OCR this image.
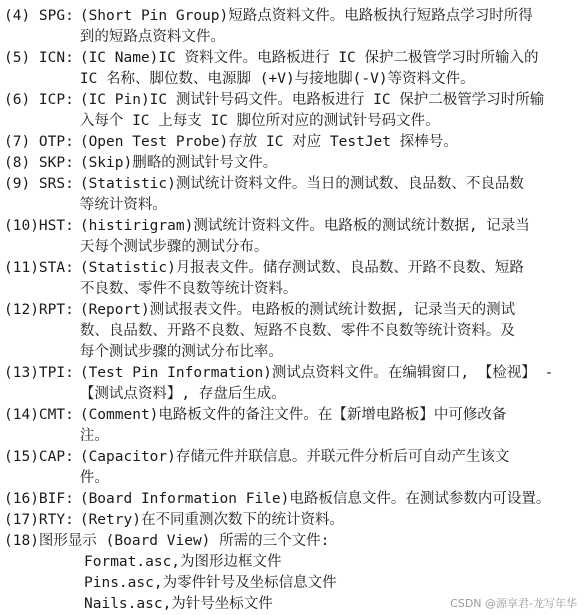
(4) SPG: (Short Pin Group)短路点资料文件。电路板执行短路点学习时所得
到的短路点资料文件。
(5) ICN: (IC Name)IC 资料文件。电路板进行 IC 保护二极管学习时所输入的
IC 名称、脚位数、电源脚 (+V)与接地脚(-V)等资料文件。
(6) ICP: (IC Pin)IC 测试针号码文件。电路板进行 IC 保护二极管学习时所输
入每个 IC 上每支 IC 脚位所对应的测试针号码文件。
(7) OTP: (Open Test Probe)存放 IC 对应 TestJet 探棒号。
(8) SKP: (Skip)删略的测试针号文件。
(9) SRS: (Statistic)测试统计资料文件。当日的测试数、良品数、不良品数
等统计资料。
(10)HST: (histirigram)测试统计资料文件。电路板的测试统计数据, 记录当
天每个测试步骤的测试分布。
(11)STA: (Statistic)月报表文件。储存测试数、良品数、开路不良数、短路
不良数、零件不良数等统计资料。
(12)RPT: (Report)测试报表文件。电路板的测试统计数据, 记录当天的测试
数、良品数、开路不良数、短路不良数、零件不良数等统计资料。及
每个测试步骤的测试分布比率。
(13)TPI: (Test Pin Information)测试点资料文件。在编辑窗口, 【检视】 -
【测试点资料】, 存盘后生成。
(14)CMT: (Comment)电路板文件的备注文件。在【新增电路板】中可修改备
注。
(15)CAP: (Capacitor)存储元件并联信息。并联元件分析后可自动产生该文
件。
(16)BIF: (Board Information File)电路板信息文件。在测试参数内可设置。
(17)RTY: (Retry)在不同重测次数下的统计资料。
(18) 图形显示 (Board View) 所需的三个文件:
Format.asc,为图形边框文件
Pins.asc,为零件针号及坐标信息文件
Nails.asc,为针号坐标文件	CSDN @源享君-龙写年华
